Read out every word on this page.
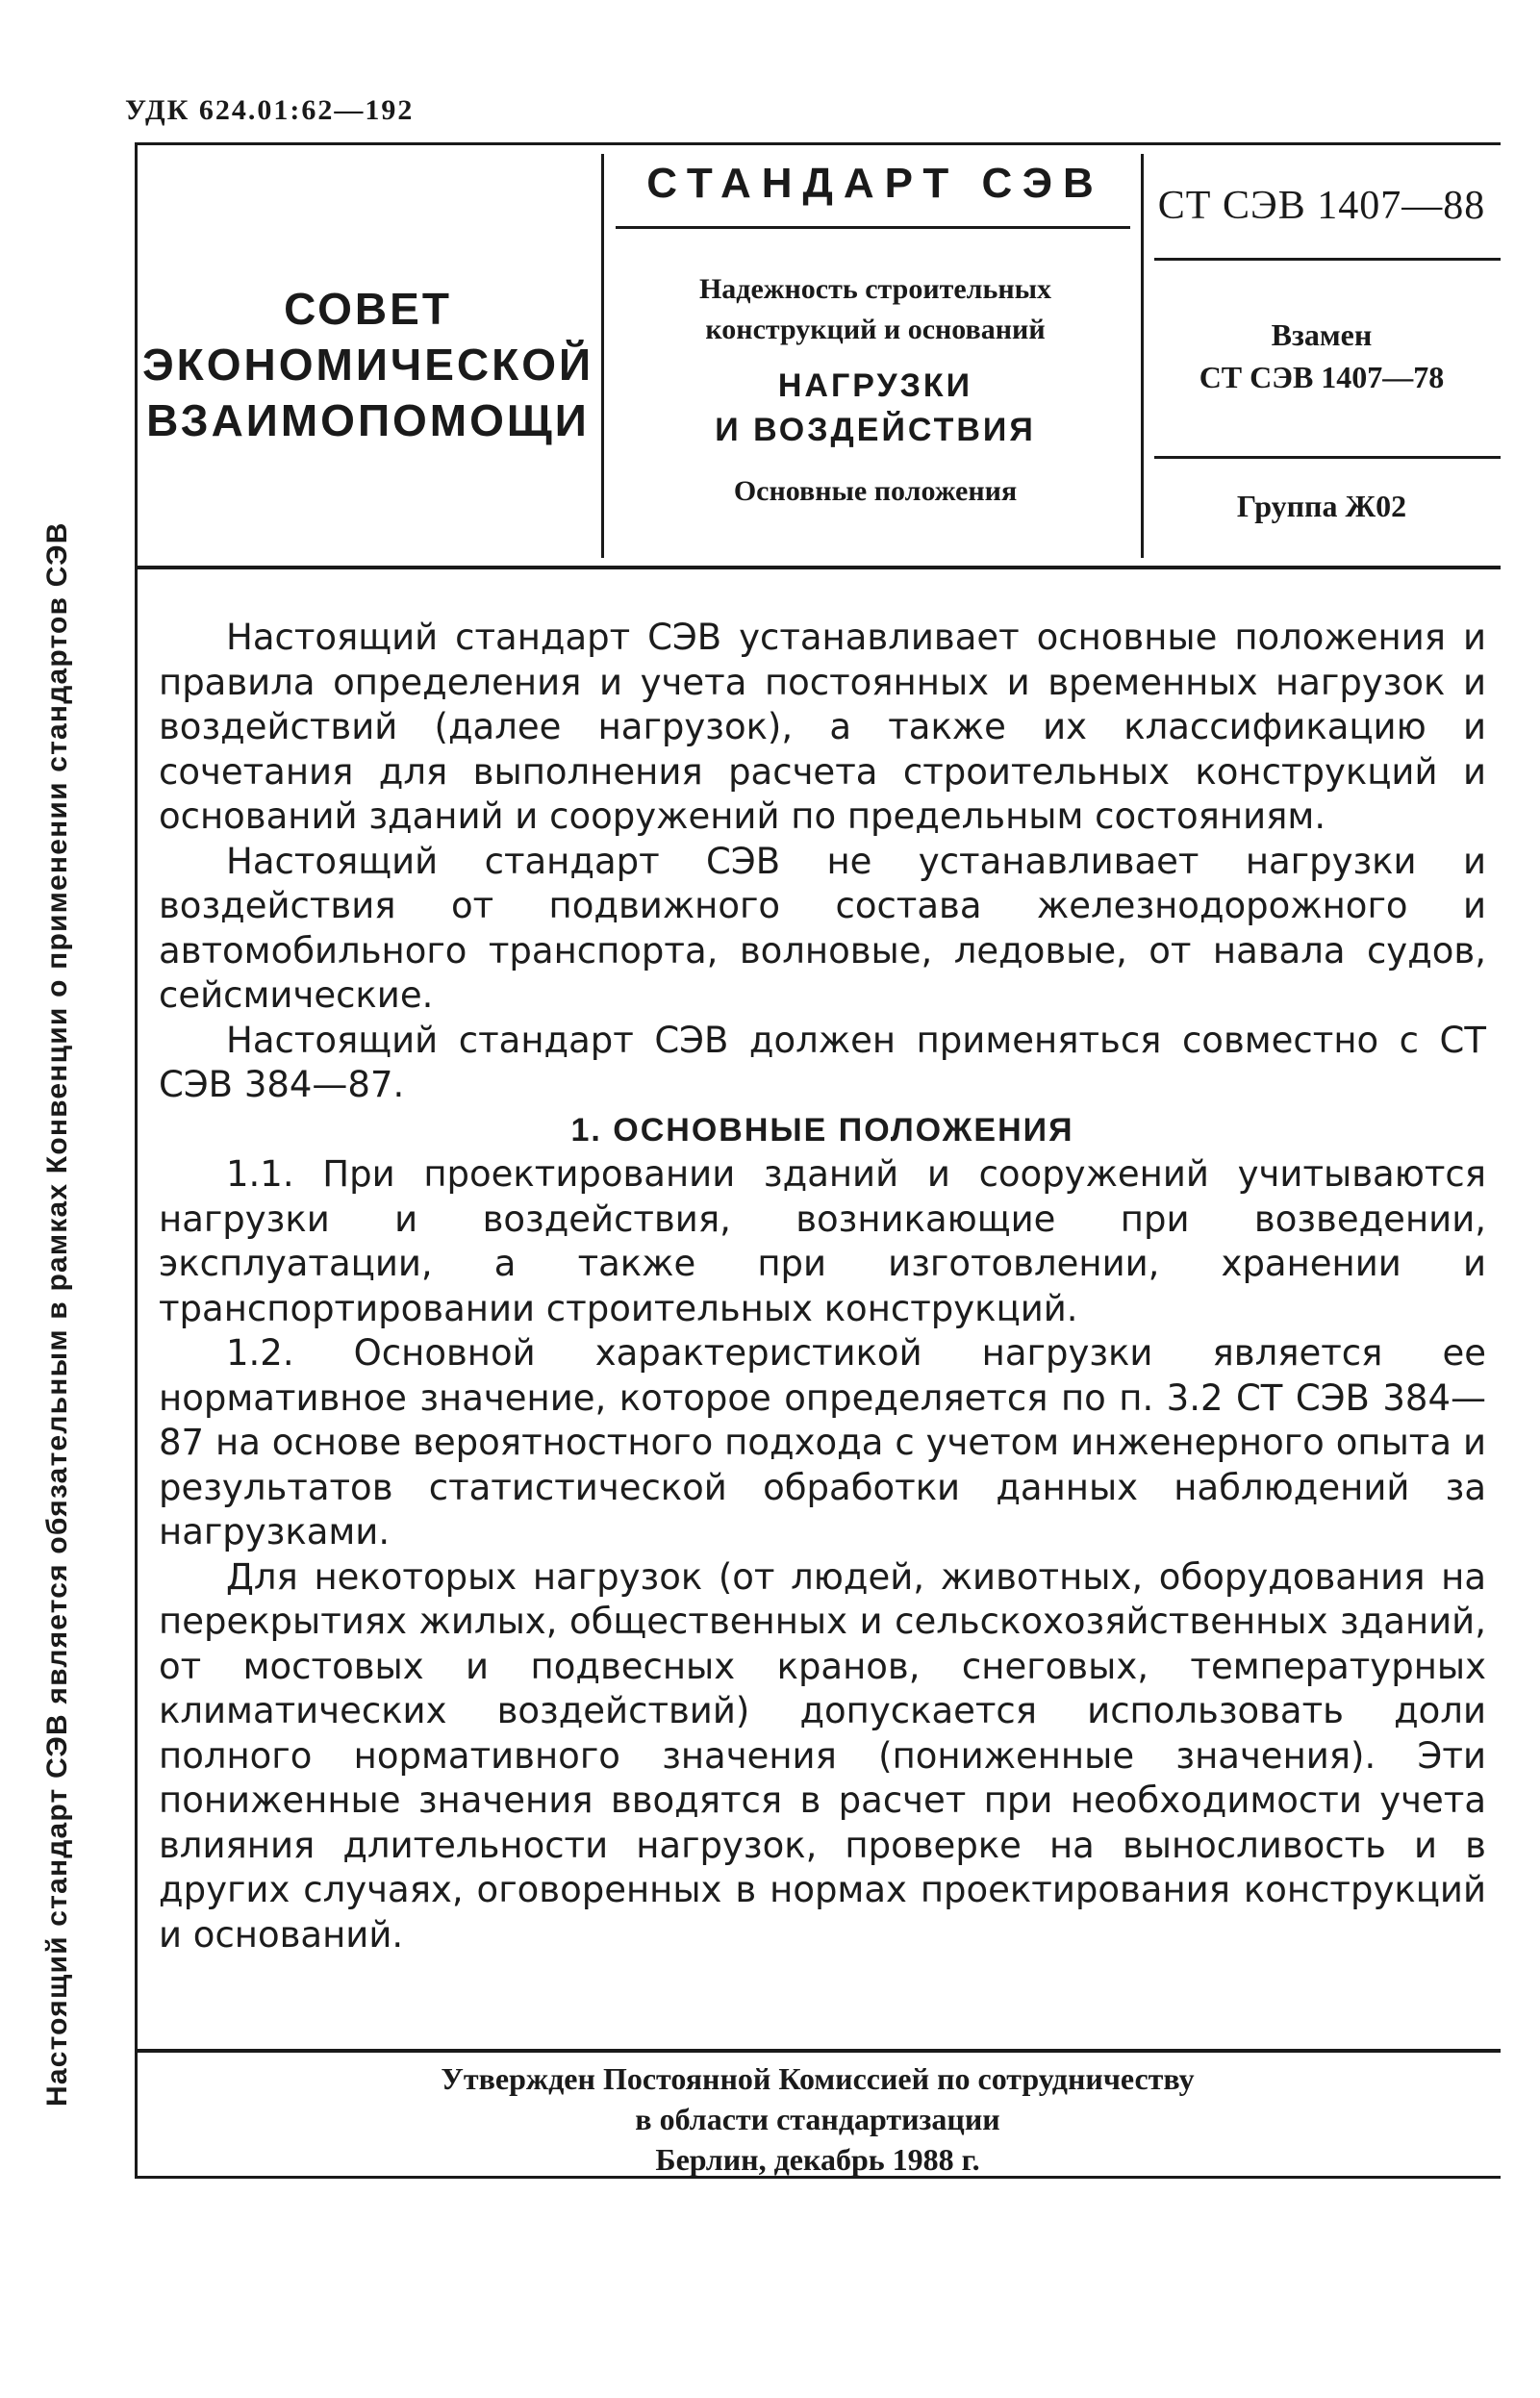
УДК 624.01:62—192
Настоящий стандарт СЭВ является обязательным в рамках Конвенции о применении стандартов СЭВ
СОВЕТ
ЭКОНОМИЧЕСКОЙ
ВЗАИМОПОМОЩИ
СТАНДАРТ СЭВ
Надежность строительных
конструкций и оснований
НАГРУЗКИ
И ВОЗДЕЙСТВИЯ
Основные положения
СТ СЭВ 1407—88
Взамен
СТ СЭВ 1407—78
Группа Ж02

Настоящий стандарт СЭВ устанавливает основные положения и правила определения и учета постоянных и временных нагрузок и воздействий (далее нагрузок), а также их классификацию и сочетания для выполнения расчета строительных конструкций и оснований зданий и сооружений по предельным состояниям.

Настоящий стандарт СЭВ не устанавливает нагрузки и воздействия от подвижного состава железнодорожного и автомобильного транспорта, волновые, ледовые, от навала судов, сейсмические.

Настоящий стандарт СЭВ должен применяться совместно с СТ СЭВ 384—87.

1. ОСНОВНЫЕ ПОЛОЖЕНИЯ

1.1. При проектировании зданий и сооружений учитываются нагрузки и воздействия, возникающие при возведении, эксплуатации, а также при изготовлении, хранении и транспортировании строительных конструкций.

1.2. Основной характеристикой нагрузки является ее нормативное значение, которое определяется по п. 3.2 СТ СЭВ 384—87 на основе вероятностного подхода с учетом инженерного опыта и результатов статистической обработки данных наблюдений за нагрузками.

Для некоторых нагрузок (от людей, животных, оборудования на перекрытиях жилых, общественных и сельскохозяйственных зданий, от мостовых и подвесных кранов, снеговых, температурных климатических воздействий) допускается использовать доли полного нормативного значения (пониженные значения). Эти пониженные значения вводятся в расчет при необходимости учета влияния длительности нагрузок, проверке на выносливость и в других случаях, оговоренных в нормах проектирования конструкций и оснований.

Утвержден Постоянной Комиссией по сотрудничеству
в области стандартизации
Берлин, декабрь 1988 г.
